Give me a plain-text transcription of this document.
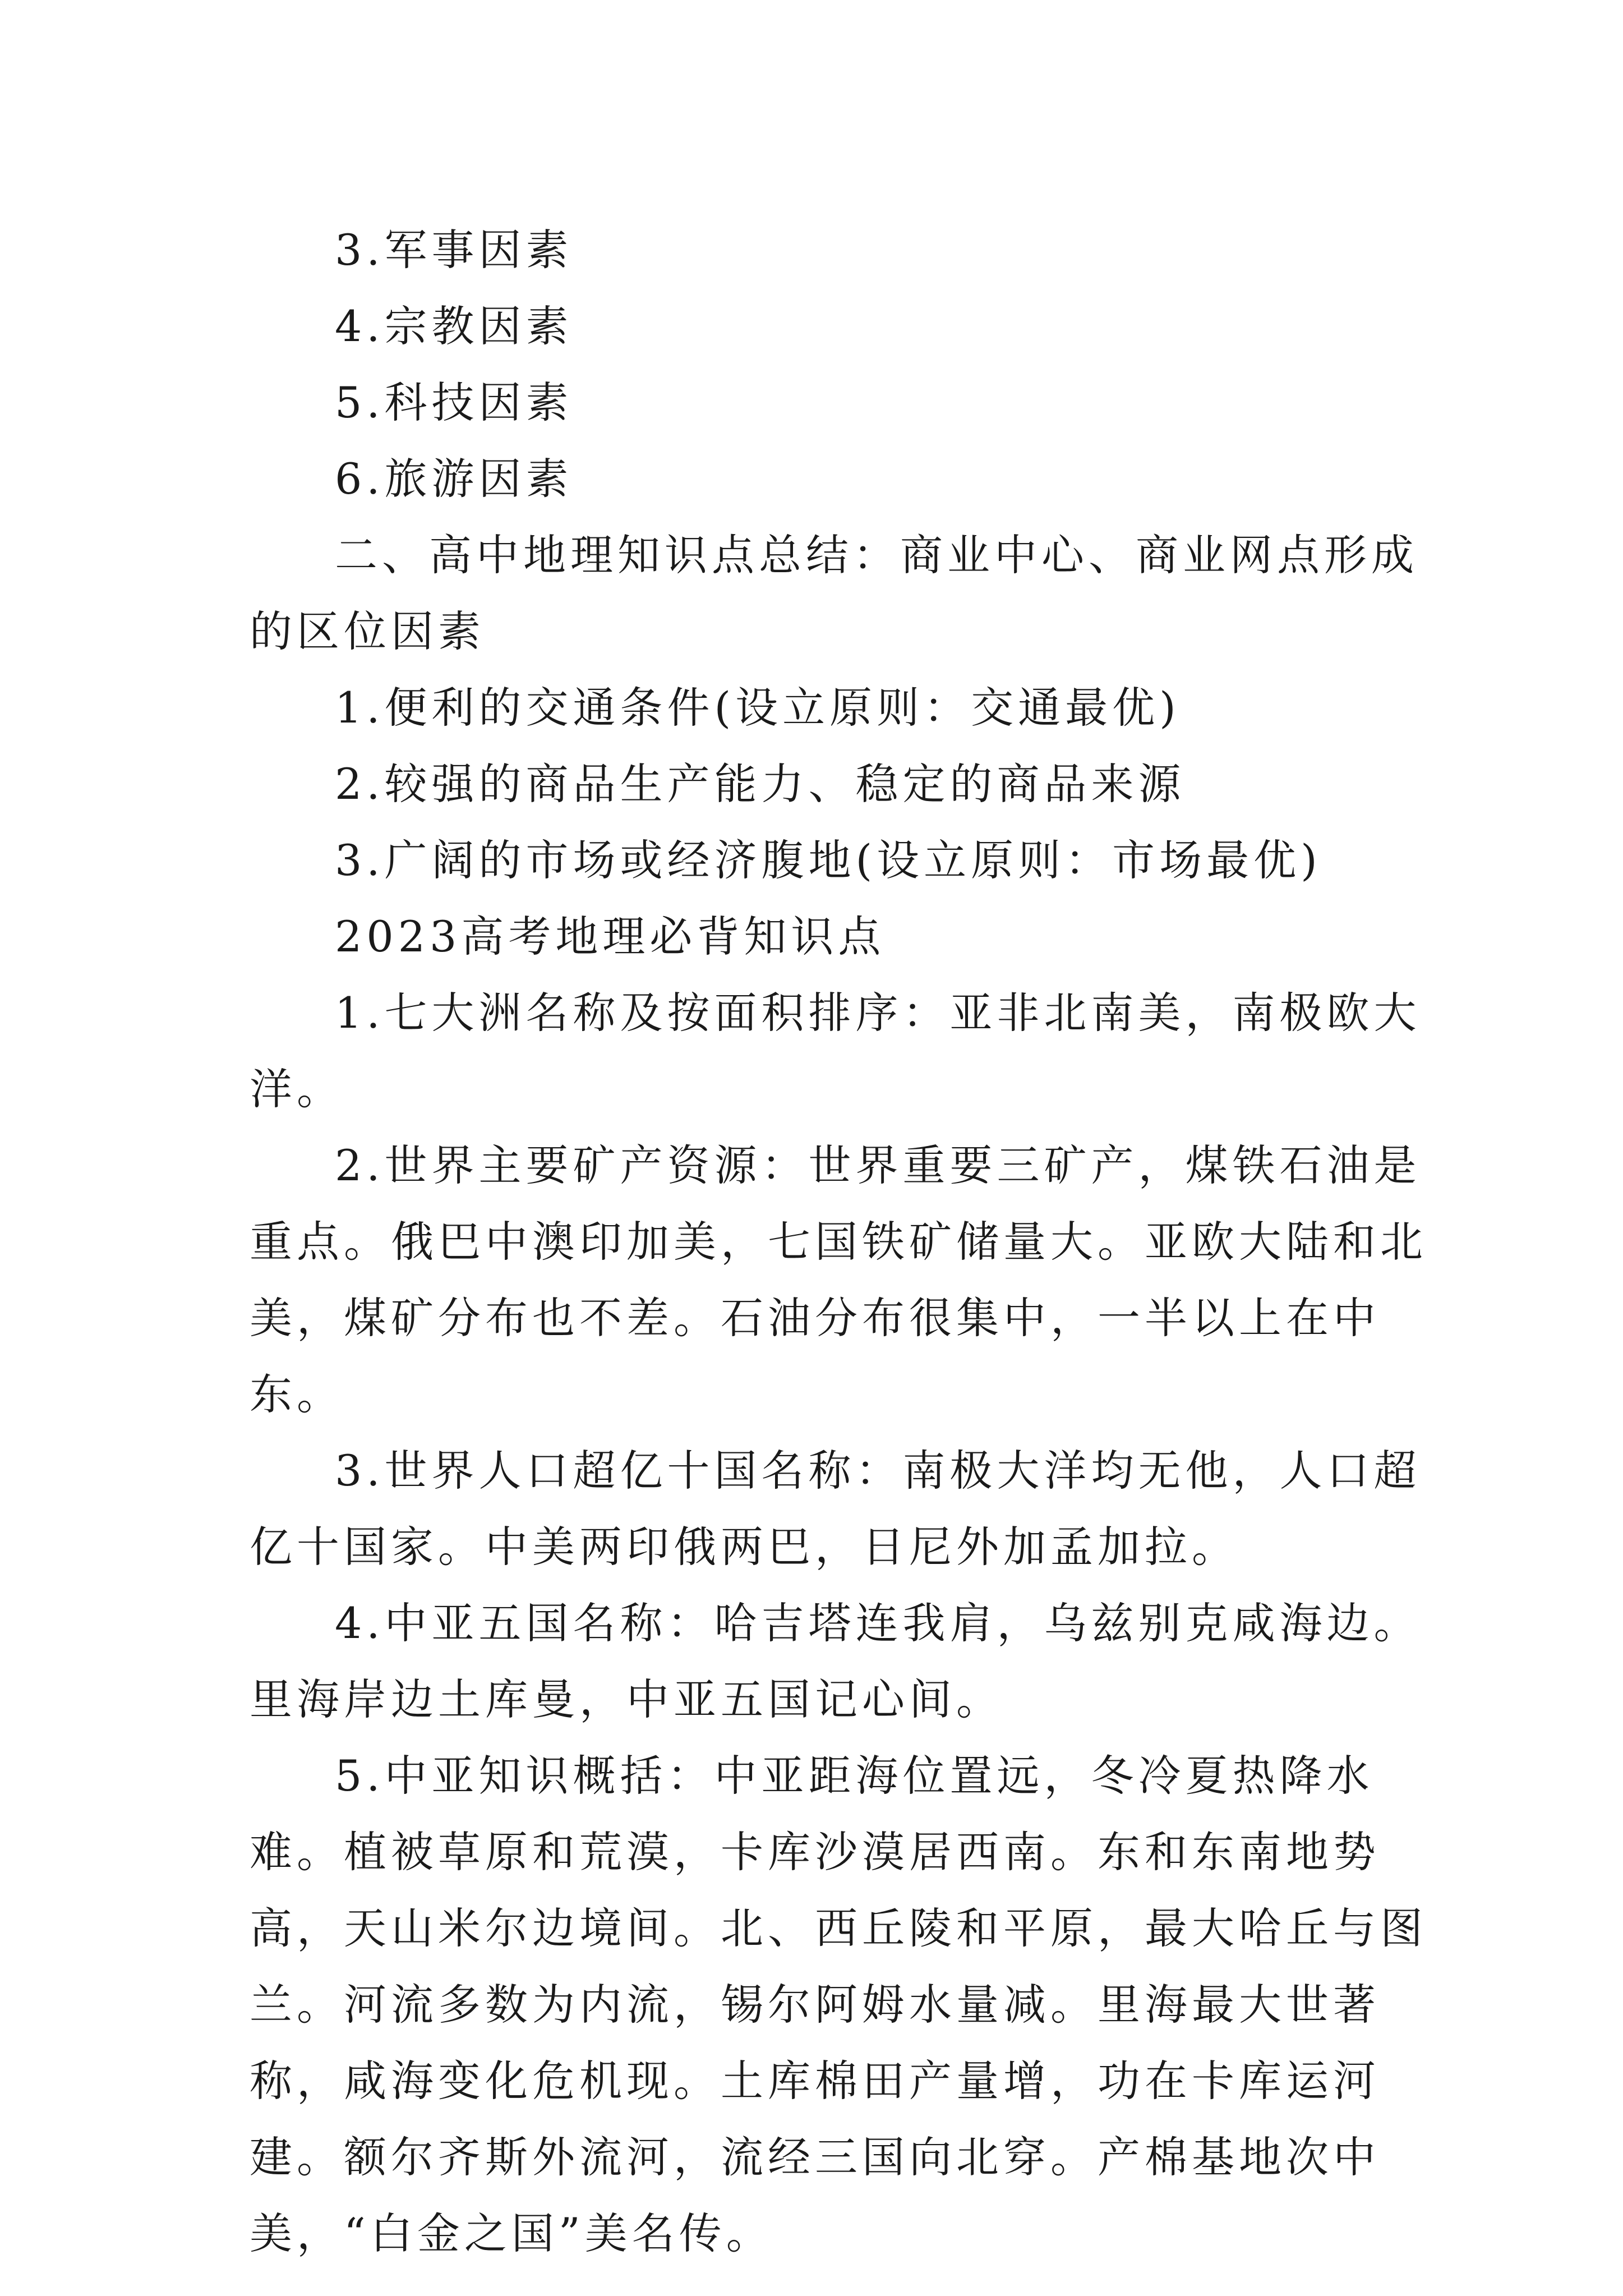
3.军事因素

4.宗教因素

5.科技因素

6.旅游因素

二、高中地理知识点总结：商业中心、商业网点形成的区位因素

1.便利的交通条件(设立原则：交通最优)

2.较强的商品生产能力、稳定的商品来源

3.广阔的市场或经济腹地(设立原则：市场最优)

2023高考地理必背知识点

1.七大洲名称及按面积排序：亚非北南美，南极欧大洋。

2.世界主要矿产资源：世界重要三矿产，煤铁石油是重点。俄巴中澳印加美，七国铁矿储量大。亚欧大陆和北美，煤矿分布也不差。石油分布很集中，一半以上在中东。

3.世界人口超亿十国名称：南极大洋均无他，人口超亿十国家。中美两印俄两巴，日尼外加孟加拉。

4.中亚五国名称：哈吉塔连我肩，乌兹别克咸海边。里海岸边土库曼，中亚五国记心间。

5.中亚知识概括：中亚距海位置远，冬冷夏热降水难。植被草原和荒漠，卡库沙漠居西南。东和东南地势高，天山米尔边境间。北、西丘陵和平原，最大哈丘与图兰。河流多数为内流，锡尔阿姆水量减。里海最大世著称，咸海变化危机现。土库棉田产量增，功在卡库运河建。额尔齐斯外流河，流经三国向北穿。产棉基地次中美，“白金之国”美名传。
